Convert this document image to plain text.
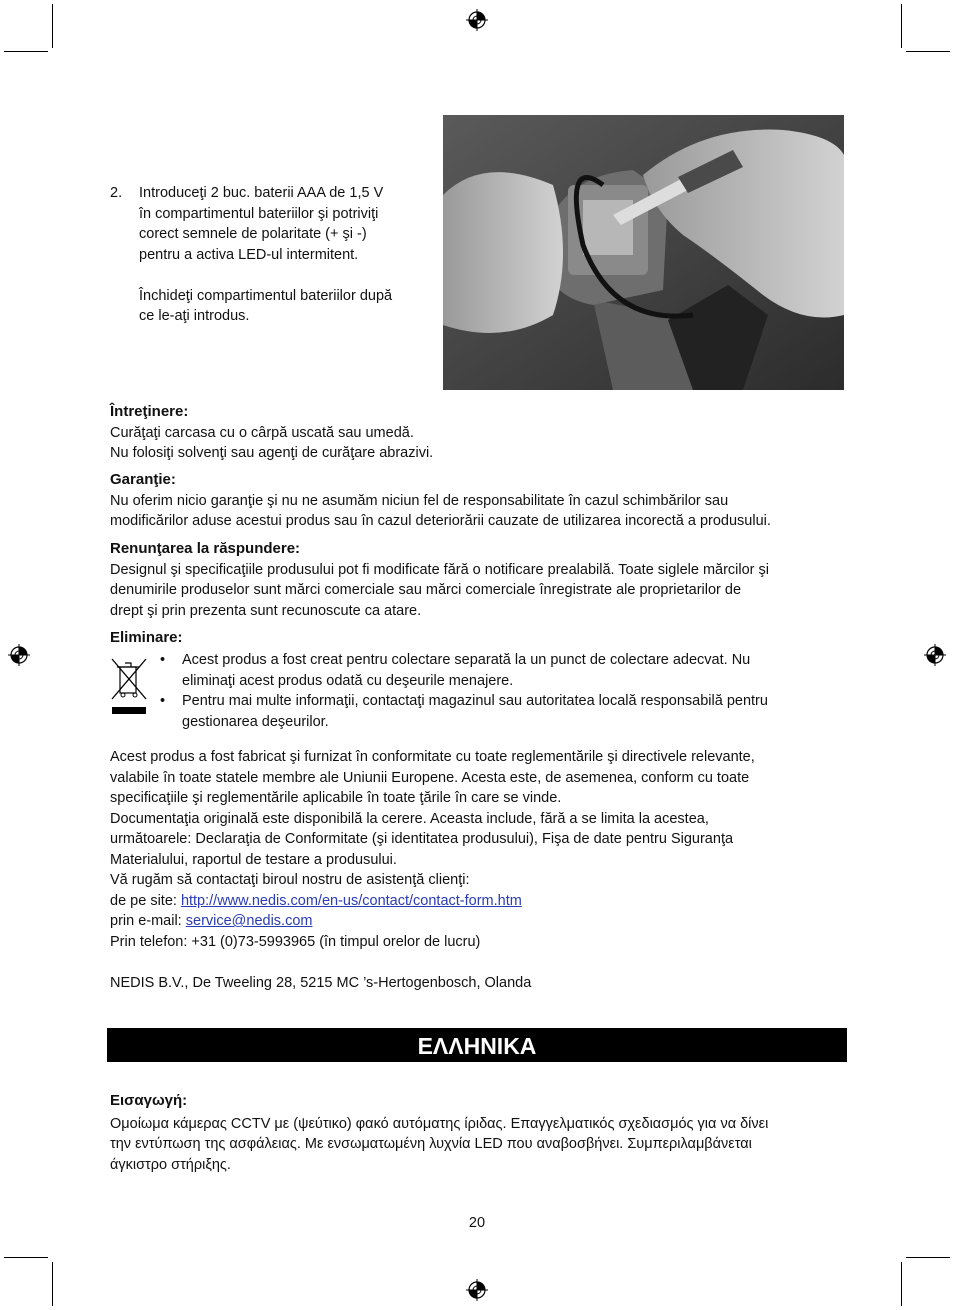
2. Introduceţi 2 buc. baterii AAA de 1,5 V
în compartimentul bateriilor şi potriviţi
corect semnele de polaritate (+ şi -)
pentru a activa LED-ul intermitent.
Închideţi compartimentul bateriilor după
ce le-aţi introdus.
Întreţinere:
Curăţaţi carcasa cu o cârpă uscată sau umedă.
Nu folosiţi solvenţi sau agenţi de curăţare abrazivi.
Garanţie:
Nu oferim nicio garanţie şi nu ne asumăm niciun fel de responsabilitate în cazul schimbărilor sau
modificărilor aduse acestui produs sau în cazul deteriorării cauzate de utilizarea incorectă a produsului.
Renunţarea la răspundere:
Designul şi specificaţiile produsului pot fi modificate fără o notificare prealabilă. Toate siglele mărcilor şi
denumirile produselor sunt mărci comerciale sau mărci comerciale înregistrate ale proprietarilor de
drept şi prin prezenta sunt recunoscute ca atare.
Eliminare:
• Acest produs a fost creat pentru colectare separată la un punct de colectare adecvat. Nu
eliminaţi acest produs odată cu deşeurile menajere.
• Pentru mai multe informaţii, contactaţi magazinul sau autoritatea locală responsabilă pentru
gestionarea deşeurilor.
Acest produs a fost fabricat şi furnizat în conformitate cu toate reglementările şi directivele relevante,
valabile în toate statele membre ale Uniunii Europene. Acesta este, de asemenea, conform cu toate
specificaţiile şi reglementările aplicabile în toate ţările în care se vinde.
Documentaţia originală este disponibilă la cerere. Aceasta include, fără a se limita la acestea,
următoarele: Declaraţia de Conformitate (şi identitatea produsului), Fişa de date pentru Siguranţa
Materialului, raportul de testare a produsului.
Vă rugăm să contactaţi biroul nostru de asistenţă clienţi:
de pe site: http://www.nedis.com/en-us/contact/contact-form.htm
prin e-mail: service@nedis.com
Prin telefon: +31 (0)73-5993965 (în timpul orelor de lucru)
NEDIS B.V., De Tweeling 28, 5215 MC ’s-Hertogenbosch, Olanda
ΕΛΛΗΝΙΚΑ
Εισαγωγή:
Ομοίωμα κάμερας CCTV με (ψεύτικο) φακό αυτόματης ίριδας. Επαγγελματικός σχεδιασμός για να δίνει
την εντύπωση της ασφάλειας. Με ενσωματωμένη λυχνία LED που αναβοσβήνει. Συμπεριλαμβάνεται
άγκιστρο στήριξης.
20
